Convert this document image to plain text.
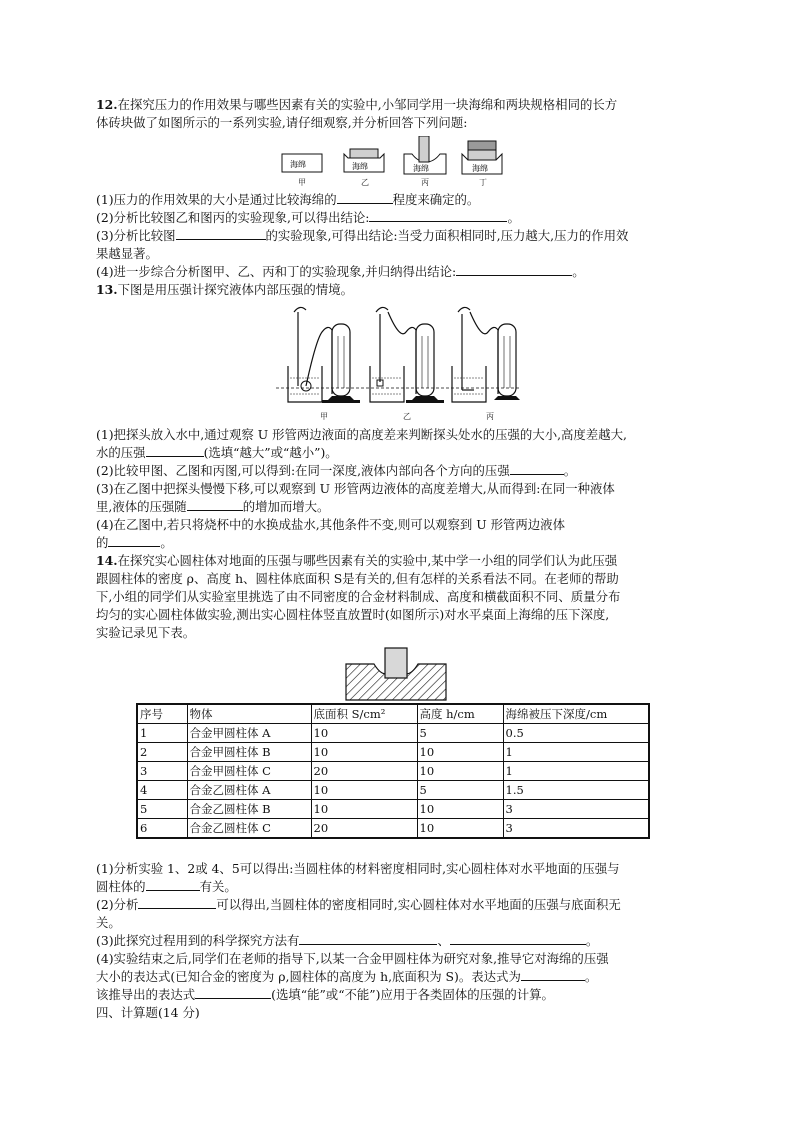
12.在探究压力的作用效果与哪些因素有关的实验中,小邹同学用一块海绵和两块规格相同的长方
体砖块做了如图所示的一系列实验,请仔细观察,并分析回答下列问题:
海绵	海绵	海绵	海绵
甲	乙	丙	丁
(1)压力的作用效果的大小是通过比较海绵的	程度来确定的。
(2)分析比较图乙和图丙的实验现象,可以得出结论:	。
(3)分析比较图	的实验现象,可得出结论:当受力面积相同时,压力越大,压力的作用效
果越显著。
(4)进一步综合分析图甲、乙、丙和丁的实验现象,并归纳得出结论:	。
13.下图是用压强计探究液体内部压强的情境。
甲	乙	丙
(1)把探头放入水中,通过观察 U 形管两边液面的高度差来判断探头处水的压强的大小,高度差越大,
水的压强	(选填“越大”或“越小”)。
(2)比较甲图、乙图和丙图,可以得到:在同一深度,液体内部向各个方向的压强	。
(3)在乙图中把探头慢慢下移,可以观察到 U 形管两边液体的高度差增大,从而得到:在同一种液体
里,液体的压强随	的增加而增大。
(4)在乙图中,若只将烧杯中的水换成盐水,其他条件不变,则可以观察到 U 形管两边液体
的	。
14.在探究实心圆柱体对地面的压强与哪些因素有关的实验中,某中学一小组的同学们认为此压强
跟圆柱体的密度 ρ、高度 h、圆柱体底面积 S是有关的,但有怎样的关系看法不同。在老师的帮助
下,小组的同学们从实验室里挑选了由不同密度的合金材料制成、高度和横截面积不同、质量分布
均匀的实心圆柱体做实验,测出实心圆柱体竖直放置时(如图所示)对水平桌面上海绵的压下深度,
实验记录见下表。
序号	物体	底面积 S/cm²	高度 h/cm	海绵被压下深度/cm
1	合金甲圆柱体 A	10	5	0.5
2	合金甲圆柱体 B	10	10	1
3	合金甲圆柱体 C	20	10	1
4	合金乙圆柱体 A	10	5	1.5
5	合金乙圆柱体 B	10	10	3
6	合金乙圆柱体 C	20	10	3
(1)分析实验 1、2或 4、5可以得出:当圆柱体的材料密度相同时,实心圆柱体对水平地面的压强与
圆柱体的	有关。
(2)分析	可以得出,当圆柱体的密度相同时,实心圆柱体对水平地面的压强与底面积无
关。
(3)此探究过程用到的科学探究方法有	、	。
(4)实验结束之后,同学们在老师的指导下,以某一合金甲圆柱体为研究对象,推导它对海绵的压强
大小的表达式(已知合金的密度为 ρ,圆柱体的高度为 h,底面积为 S)。表达式为	。
该推导出的表达式	(选填“能”或“不能”)应用于各类固体的压强的计算。
四、计算题(14 分)
